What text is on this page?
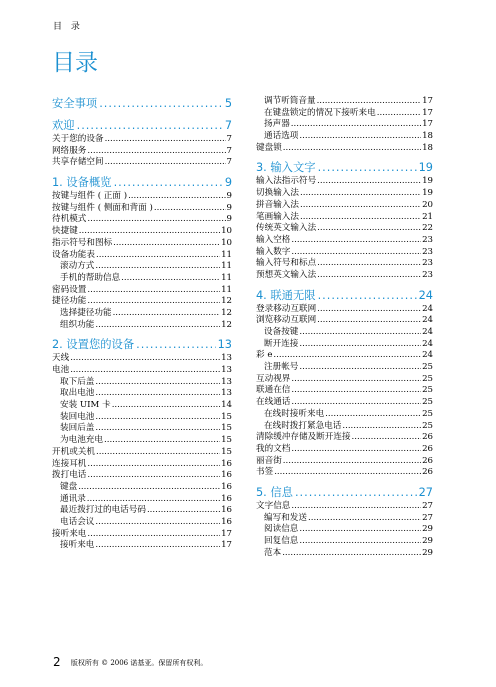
目 录
目录
安全事项 .....	5
欢迎 .....	7
关于您的设备 .....	7
网络服务 .....	7
共享存储空间 .....	7
1. 设备概览 .....	9
按键与组件 ( 正面 ) .....	9
按键与组件 ( 侧面和背面 ) .....	9
待机模式 .....	9
快捷键 .....	10
指示符号和图标 .....	10
设备功能表 .....	11
滚动方式 .....	11
手机的帮助信息 .....	11
密码设置 .....	11
捷径功能 .....	12
选择捷径功能 .....	12
组织功能 .....	12
2. 设置您的设备 .....	13
天线 .....	13
电池 .....	13
取下后盖 .....	13
取出电池 .....	13
安装 UIM 卡 .....	14
装回电池 .....	15
装回后盖 .....	15
为电池充电 .....	15
开机或关机 .....	15
连接耳机 .....	16
拨打电话 .....	16
键盘 .....	16
通讯录 .....	16
最近拨打过的电话号码 .....	16
电话会议 .....	16
接听来电 .....	17
接听来电 .....	17
调节听筒音量 .....	17
在键盘锁定的情况下接听来电 .....	17
扬声器 .....	17
通话选项 .....	18
键盘锁 .....	18
3. 输入文字 .....	19
输入法指示符号 .....	19
切换输入法 .....	19
拼音输入法 .....	20
笔画输入法 .....	21
传统英文输入法 .....	22
输入空格 .....	23
输入数字 .....	23
输入符号和标点 .....	23
预想英文输入法 .....	23
4. 联通无限 .....	24
登录移动互联网 .....	24
浏览移动互联网 .....	24
设备按键 .....	24
断开连接 .....	24
彩 e .....	24
注册帐号 .....	25
互动视界 .....	25
联通在信 .....	25
在线通话 .....	25
在线时接听来电 .....	25
在线时拨打紧急电话 .....	25
清除缓冲存储及断开连接 .....	26
我的文档 .....	26
丽音街 .....	26
书签 .....	26
5. 信息 .....	27
文字信息 .....	27
编写和发送 .....	27
阅读信息 .....	29
回复信息 .....	29
范本 .....	29
2 版权所有 © 2006 诺基亚。保留所有权利。
